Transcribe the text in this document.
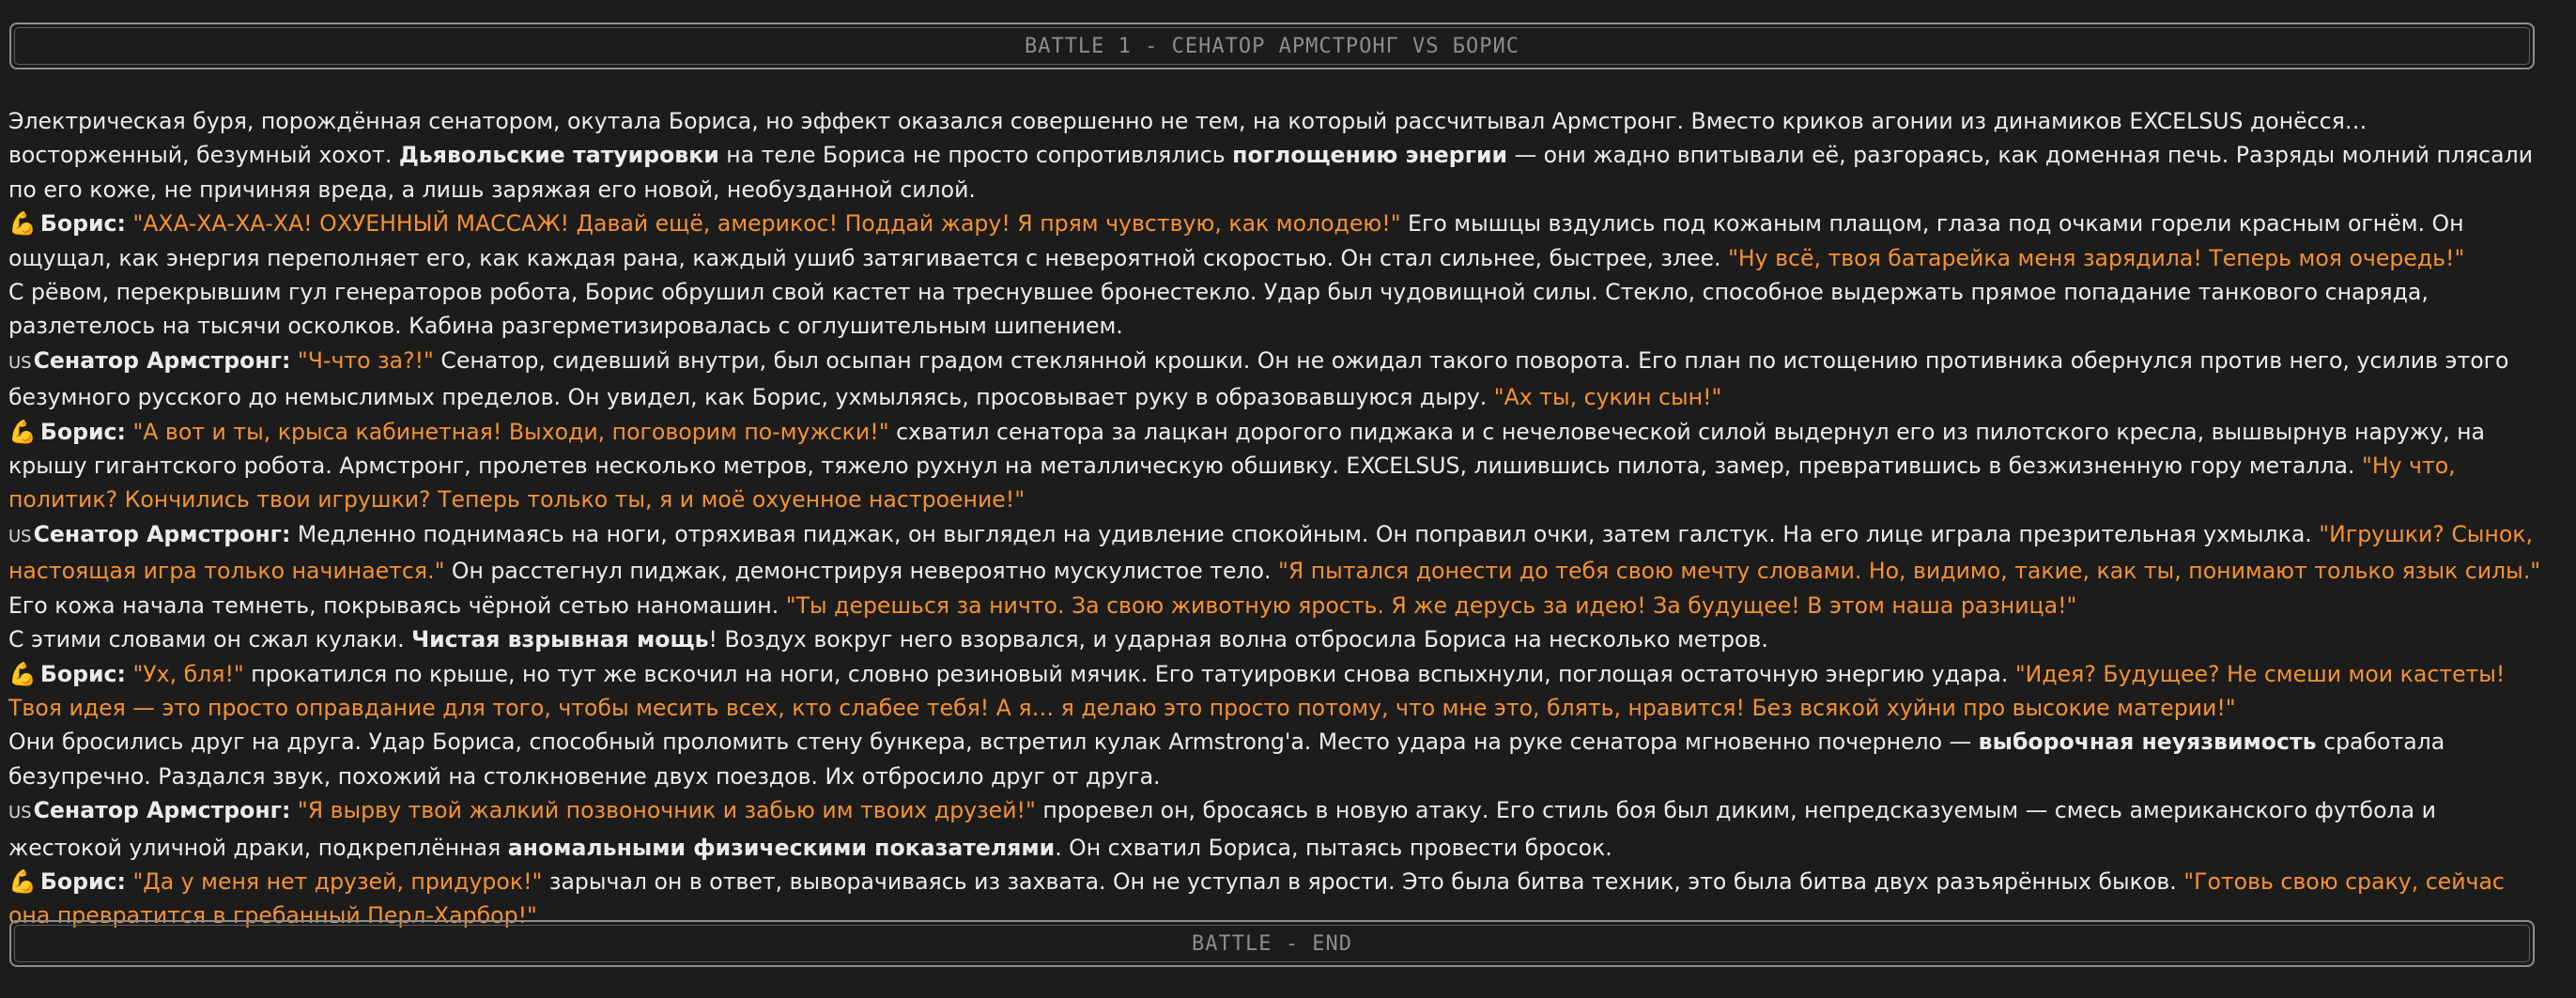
BATTLE 1 - СЕНАТОР АРМСТРОНГ VS БОРИС

Электрическая буря, порождённая сенатором, окутала Бориса, но эффект оказался совершенно не тем, на который рассчитывал Армстронг. Вместо криков агонии из динамиков EXCELSUS донёсся… восторженный, безумный хохот. Дьявольские татуировки на теле Бориса не просто сопротивлялись поглощению энергии — они жадно впитывали её, разгораясь, как доменная печь. Разряды молний плясали по его коже, не причиняя вреда, а лишь заряжая его новой, необузданной силой.

💪 Борис: "АХА-ХА-ХА-ХА! ОХУЕННЫЙ МАССАЖ! Давай ещё, америкос! Поддай жару! Я прям чувствую, как молодею!" Его мышцы вздулись под кожаным плащом, глаза под очками горели красным огнём. Он ощущал, как энергия переполняет его, как каждая рана, каждый ушиб затягивается с невероятной скоростью. Он стал сильнее, быстрее, злее. "Ну всё, твоя батарейка меня зарядила! Теперь моя очередь!"

С рёвом, перекрывшим гул генераторов робота, Борис обрушил свой кастет на треснувшее бронестекло. Удар был чудовищной силы. Стекло, способное выдержать прямое попадание танкового снаряда, разлетелось на тысячи осколков. Кабина разгерметизировалась с оглушительным шипением.

USСенатор Армстронг: "Ч-что за?!" Сенатор, сидевший внутри, был осыпан градом стеклянной крошки. Он не ожидал такого поворота. Его план по истощению противника обернулся против него, усилив этого безумного русского до немыслимых пределов. Он увидел, как Борис, ухмыляясь, просовывает руку в образовавшуюся дыру. "Ах ты, сукин сын!"

💪 Борис: "А вот и ты, крыса кабинетная! Выходи, поговорим по-мужски!" схватил сенатора за лацкан дорогого пиджака и с нечеловеческой силой выдернул его из пилотского кресла, вышвырнув наружу, на крышу гигантского робота. Армстронг, пролетев несколько метров, тяжело рухнул на металлическую обшивку. EXCELSUS, лишившись пилота, замер, превратившись в безжизненную гору металла. "Ну что, политик? Кончились твои игрушки? Теперь только ты, я и моё охуенное настроение!"

USСенатор Армстронг: Медленно поднимаясь на ноги, отряхивая пиджак, он выглядел на удивление спокойным. Он поправил очки, затем галстук. На его лице играла презрительная ухмылка. "Игрушки? Сынок, настоящая игра только начинается." Он расстегнул пиджак, демонстрируя невероятно мускулистое тело. "Я пытался донести до тебя свою мечту словами. Но, видимо, такие, как ты, понимают только язык силы." Его кожа начала темнеть, покрываясь чёрной сетью наномашин. "Ты дерешься за ничто. За свою животную ярость. Я же дерусь за идею! За будущее! В этом наша разница!"

С этими словами он сжал кулаки. Чистая взрывная мощь! Воздух вокруг него взорвался, и ударная волна отбросила Бориса на несколько метров.

💪 Борис: "Ух, бля!" прокатился по крыше, но тут же вскочил на ноги, словно резиновый мячик. Его татуировки снова вспыхнули, поглощая остаточную энергию удара. "Идея? Будущее? Не смеши мои кастеты! Твоя идея — это просто оправдание для того, чтобы месить всех, кто слабее тебя! А я… я делаю это просто потому, что мне это, блять, нравится! Без всякой хуйни про высокие материи!"

Они бросились друг на друга. Удар Бориса, способный проломить стену бункера, встретил кулак Armstrong'а. Место удара на руке сенатора мгновенно почернело — выборочная неуязвимость сработала безупречно. Раздался звук, похожий на столкновение двух поездов. Их отбросило друг от друга.

USСенатор Армстронг: "Я вырву твой жалкий позвоночник и забью им твоих друзей!" проревел он, бросаясь в новую атаку. Его стиль боя был диким, непредсказуемым — смесь американского футбола и жестокой уличной драки, подкреплённая аномальными физическими показателями. Он схватил Бориса, пытаясь провести бросок.

💪 Борис: "Да у меня нет друзей, придурок!" зарычал он в ответ, выворачиваясь из захвата. Он не уступал в ярости. Это была битва техник, это была битва двух разъярённых быков. "Готовь свою сраку, сейчас она превратится в гребанный Перл-Харбор!"

BATTLE - END
